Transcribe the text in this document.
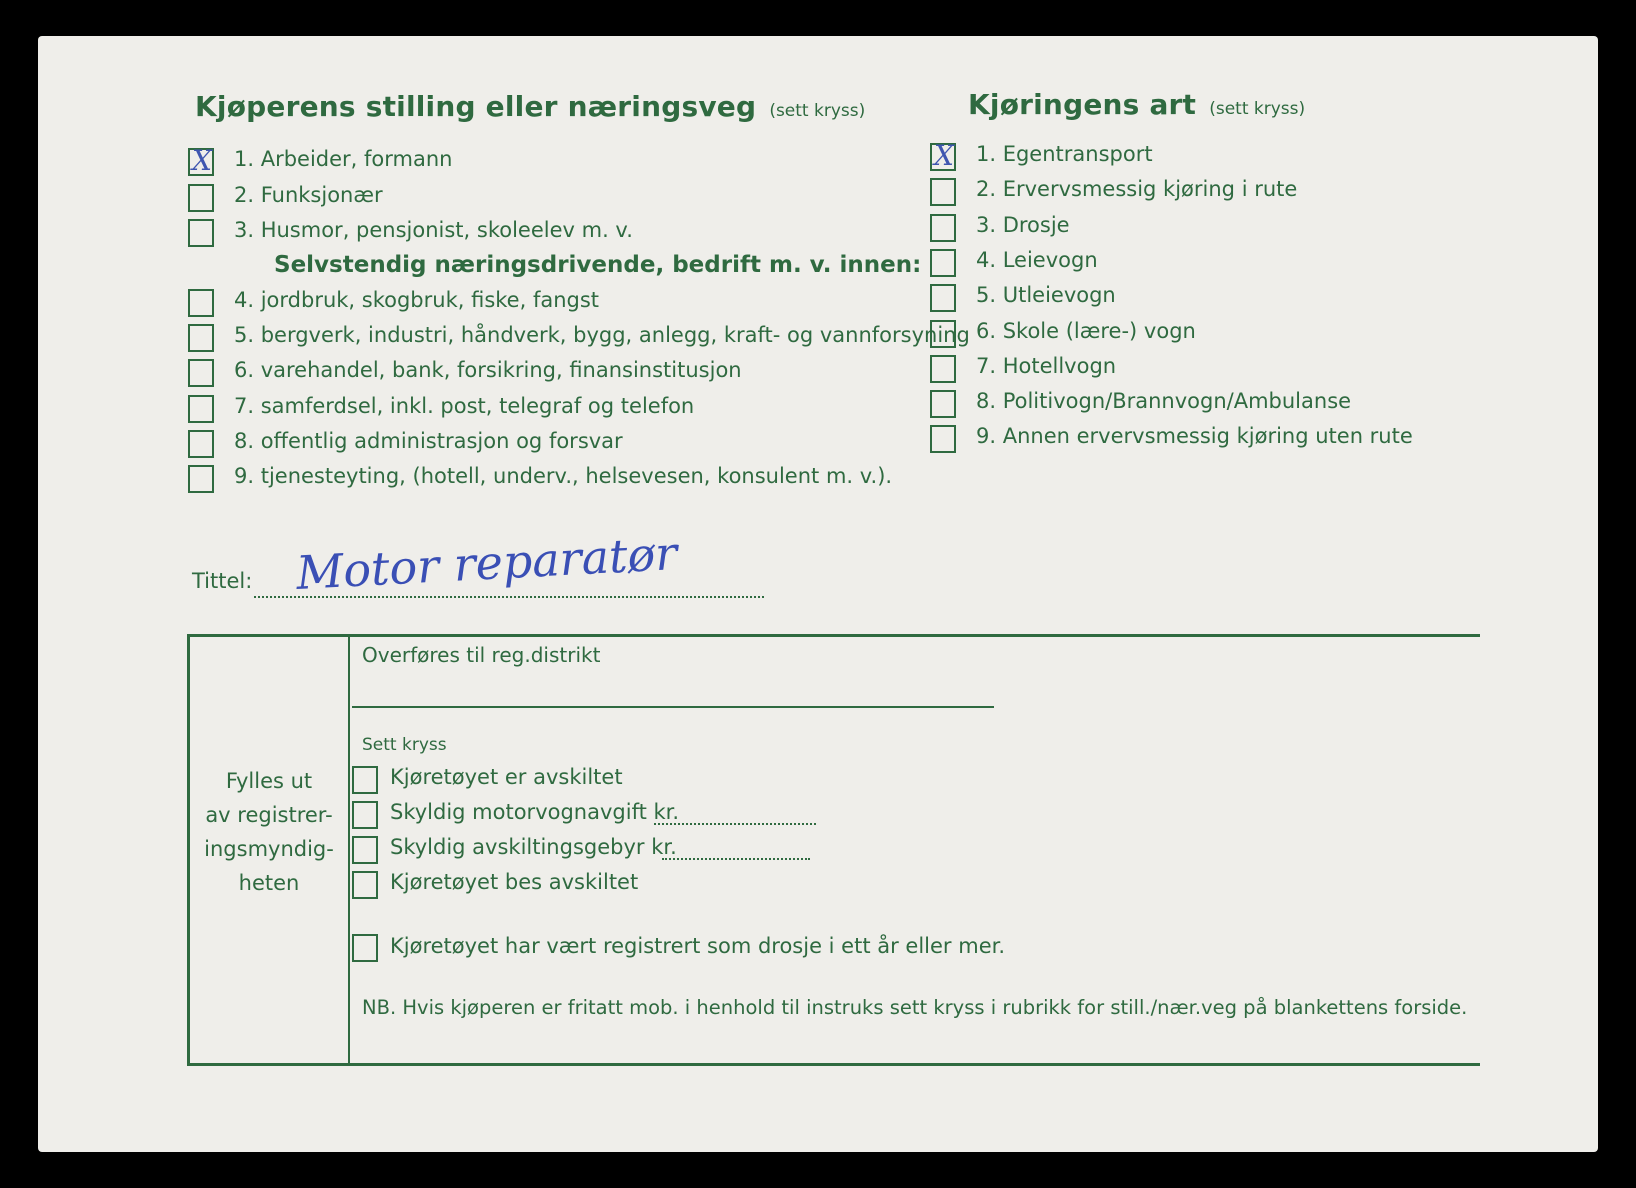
Kjøperens stilling eller næringsveg (sett kryss)
X 1. Arbeider, formann
2. Funksjonær
3. Husmor, pensjonist, skoleelev m. v.
Selvstendig næringsdrivende, bedrift m. v. innen:
4. jordbruk, skogbruk, fiske, fangst
5. bergverk, industri, håndverk, bygg, anlegg, kraft- og vannforsyning
6. varehandel, bank, forsikring, finansinstitusjon
7. samferdsel, inkl. post, telegraf og telefon
8. offentlig administrasjon og forsvar
9. tjenesteyting, (hotell, underv., helsevesen, konsulent m. v.).
Kjøringens art (sett kryss)
X 1. Egentransport
2. Ervervsmessig kjøring i rute
3. Drosje
4. Leievogn
5. Utleievogn
6. Skole (lære-) vogn
7. Hotellvogn
8. Politivogn/Brannvogn/Ambulanse
9. Annen ervervsmessig kjøring uten rute
Tittel: Motor reparatør
Fylles ut
av registrer-
ingsmyndig-
heten
Overføres til reg.distrikt
Sett kryss
Kjøretøyet er avskiltet
Skyldig motorvognavgift kr.
Skyldig avskiltingsgebyr kr.
Kjøretøyet bes avskiltet
Kjøretøyet har vært registrert som drosje i ett år eller mer.
NB. Hvis kjøperen er fritatt mob. i henhold til instruks sett kryss i rubrikk for still./nær.veg på blankettens forside.
